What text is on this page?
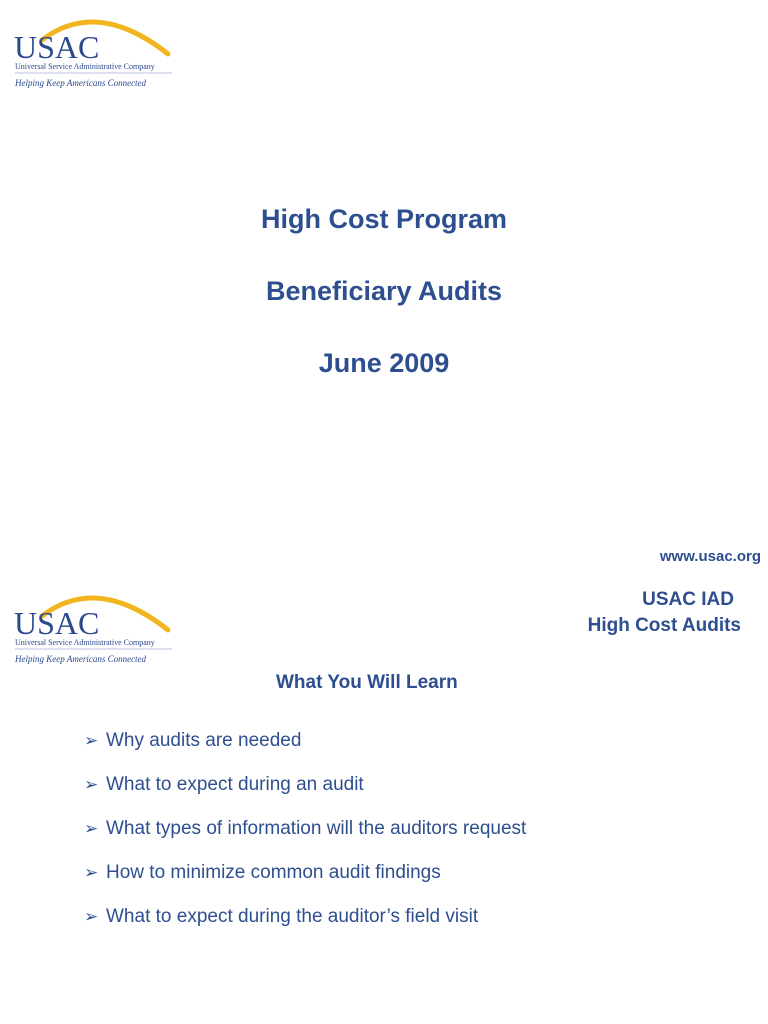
USAC
Universal Service Administrative Company
Helping Keep Americans Connected
High Cost Program
Beneficiary Audits
June 2009
www.usac.org
USAC
Universal Service Administrative Company
Helping Keep Americans Connected
USAC IAD
High Cost Audits
What You Will Learn
➢ Why audits are needed
➢ What to expect during an audit
➢ What types of information will the auditors request
➢ How to minimize common audit findings
➢ What to expect during the auditor’s field visit
